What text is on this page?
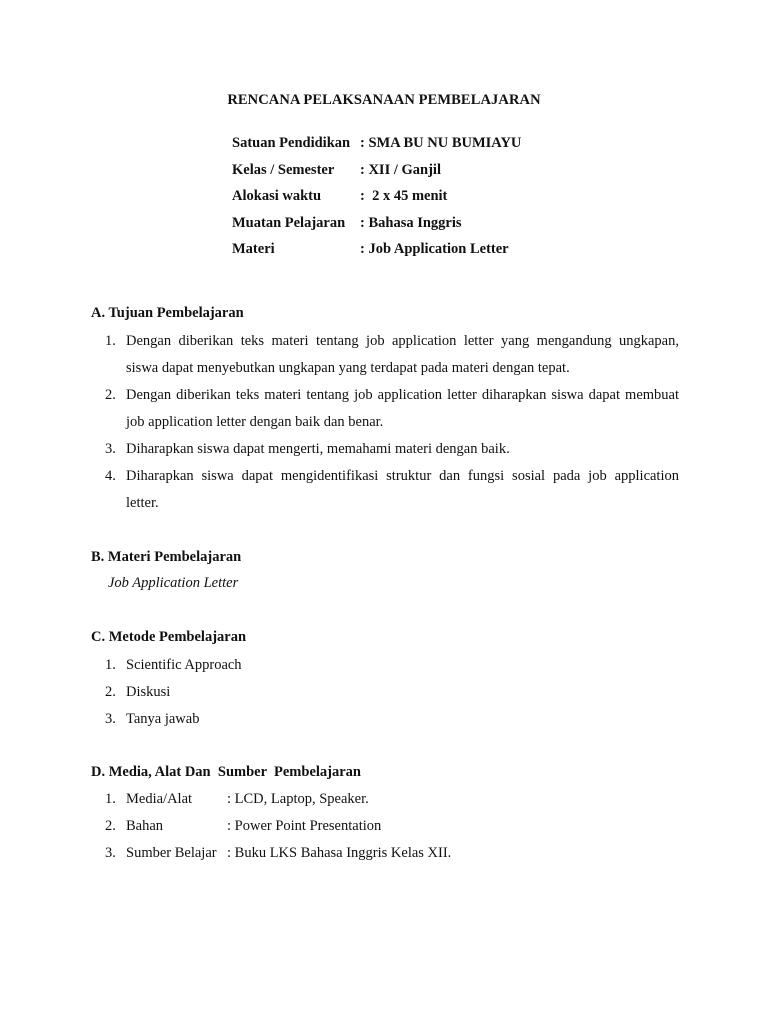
RENCANA PELAKSANAAN PEMBELAJARAN
Satuan Pendidikan : SMA BU NU BUMIAYU
Kelas / Semester : XII / Ganjil
Alokasi waktu	:  2 x 45 menit
Muatan Pelajaran : Bahasa Inggris
Materi	: Job Application Letter
A. Tujuan Pembelajaran
1. Dengan diberikan teks materi tentang job application letter yang mengandung ungkapan,
siswa dapat menyebutkan ungkapan yang terdapat pada materi dengan tepat.
2. Dengan diberikan teks materi tentang job application letter diharapkan siswa dapat membuat
job application letter dengan baik dan benar.
3. Diharapkan siswa dapat mengerti, memahami materi dengan baik.
4. Diharapkan siswa dapat mengidentifikasi struktur dan fungsi sosial pada job application
letter.
B. Materi Pembelajaran
Job Application Letter
C. Metode Pembelajaran
1. Scientific Approach
2. Diskusi
3. Tanya jawab
D. Media, Alat Dan  Sumber  Pembelajaran
1. Media/Alat : LCD, Laptop, Speaker.
2. Bahan	: Power Point Presentation
3. Sumber Belajar : Buku LKS Bahasa Inggris Kelas XII.
